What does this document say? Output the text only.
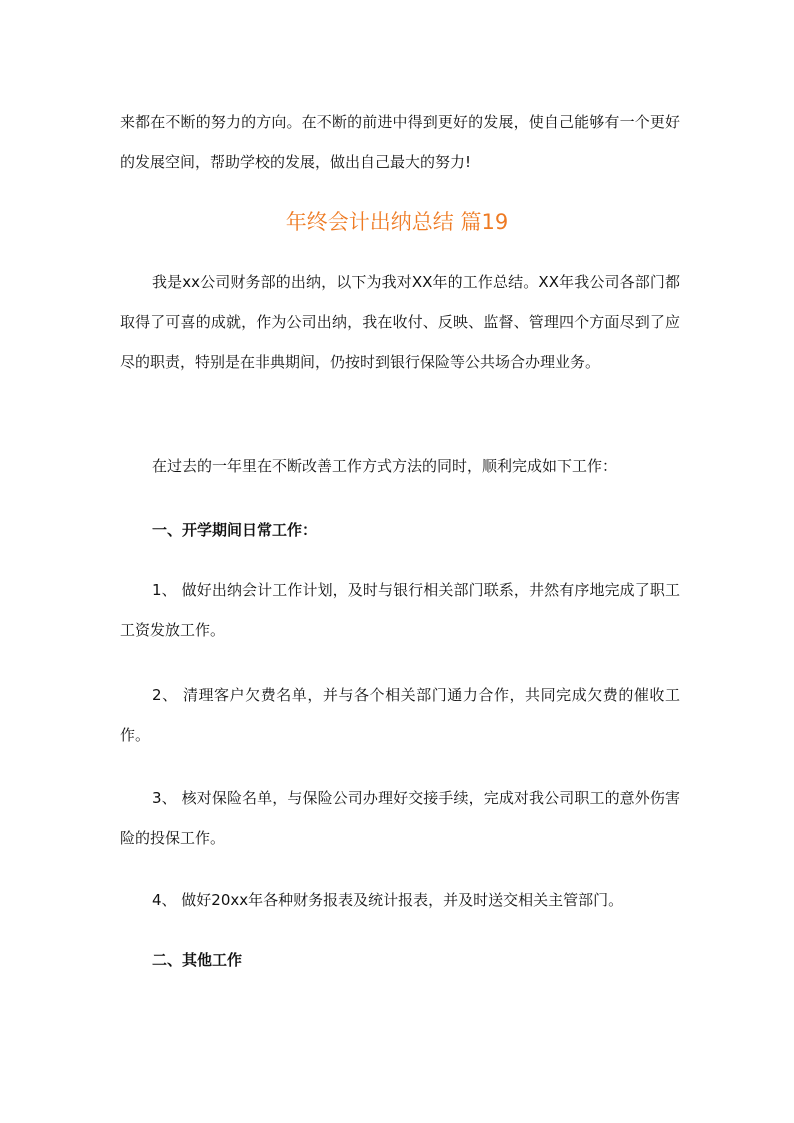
来都在不断的努力的方向。在不断的前进中得到更好的发展，使自己能够有一个更好的发展空间，帮助学校的发展，做出自己最大的努力!

年终会计出纳总结 篇19

我是xx公司财务部的出纳，以下为我对XX年的工作总结。XX年我公司各部门都取得了可喜的成就，作为公司出纳，我在收付、反映、监督、管理四个方面尽到了应尽的职责，特别是在非典期间，仍按时到银行保险等公共场合办理业务。

在过去的一年里在不断改善工作方式方法的同时，顺利完成如下工作：

一、开学期间日常工作：

1、 做好出纳会计工作计划，及时与银行相关部门联系，井然有序地完成了职工工资发放工作。

2、 清理客户欠费名单，并与各个相关部门通力合作，共同完成欠费的催收工作。

3、 核对保险名单，与保险公司办理好交接手续，完成对我公司职工的意外伤害险的投保工作。

4、 做好20xx年各种财务报表及统计报表，并及时送交相关主管部门。

二、其他工作
